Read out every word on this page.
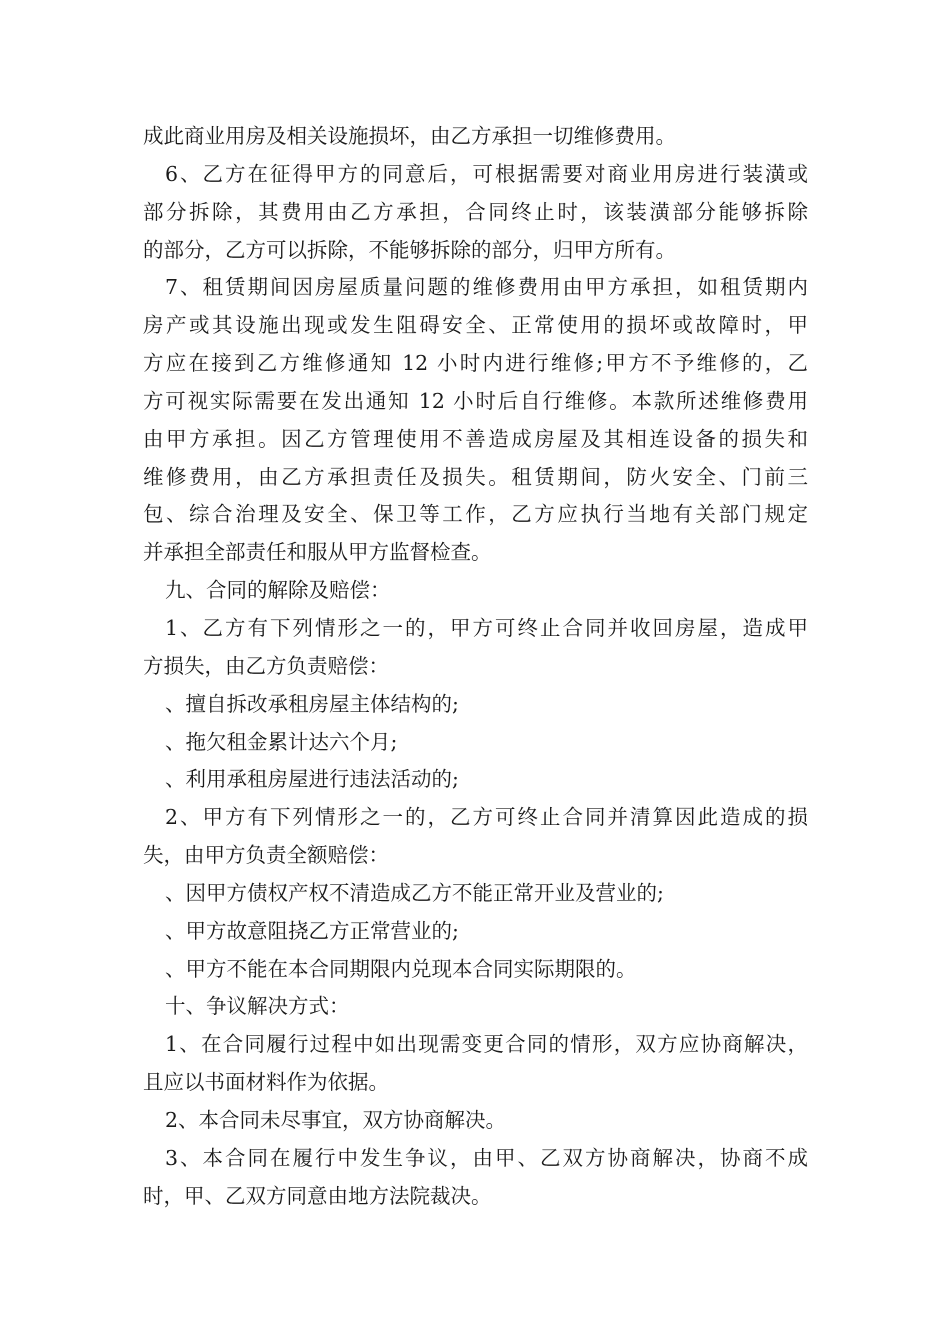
成此商业用房及相关设施损坏，由乙方承担一切维修费用。
6、乙方在征得甲方的同意后，可根据需要对商业用房进行装潢或
部分拆除，其费用由乙方承担，合同终止时，该装潢部分能够拆除
的部分，乙方可以拆除，不能够拆除的部分，归甲方所有。
7、租赁期间因房屋质量问题的维修费用由甲方承担，如租赁期内
房产或其设施出现或发生阻碍安全、正常使用的损坏或故障时，甲
方应在接到乙方维修通知 12 小时内进行维修;甲方不予维修的，乙
方可视实际需要在发出通知 12 小时后自行维修。本款所述维修费用
由甲方承担。因乙方管理使用不善造成房屋及其相连设备的损失和
维修费用，由乙方承担责任及损失。租赁期间，防火安全、门前三
包、综合治理及安全、保卫等工作，乙方应执行当地有关部门规定
并承担全部责任和服从甲方监督检查。
九、合同的解除及赔偿：
1、乙方有下列情形之一的，甲方可终止合同并收回房屋，造成甲
方损失，由乙方负责赔偿：
、擅自拆改承租房屋主体结构的;
、拖欠租金累计达六个月;
、利用承租房屋进行违法活动的;
2、甲方有下列情形之一的，乙方可终止合同并清算因此造成的损
失，由甲方负责全额赔偿：
、因甲方债权产权不清造成乙方不能正常开业及营业的;
、甲方故意阻挠乙方正常营业的;
、甲方不能在本合同期限内兑现本合同实际期限的。
十、争议解决方式：
1、在合同履行过程中如出现需变更合同的情形，双方应协商解决，
且应以书面材料作为依据。
2、本合同未尽事宜，双方协商解决。
3、本合同在履行中发生争议，由甲、乙双方协商解决，协商不成
时，甲、乙双方同意由地方法院裁决。
